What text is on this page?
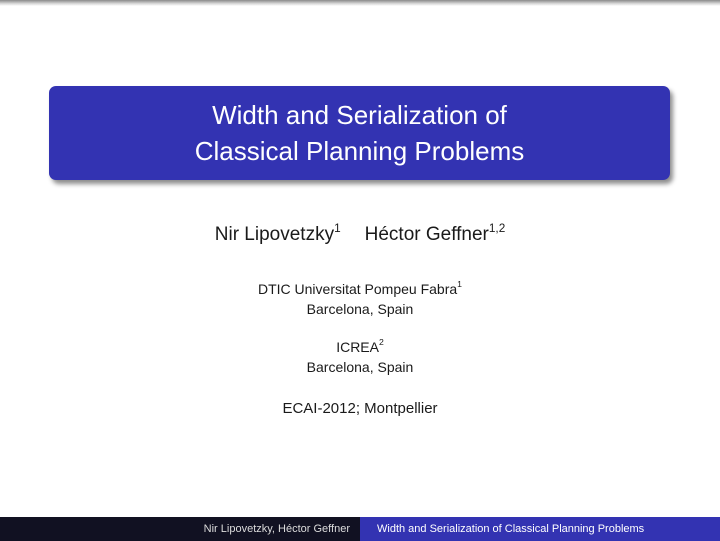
Width and Serialization of
Classical Planning Problems
Nir Lipovetzky$^1$ Héctor Geffner$^{1,2}$
DTIC Universitat Pompeu Fabra$^1$
Barcelona, Spain
ICREA$^2$
Barcelona, Spain
ECAI-2012; Montpellier
Nir Lipovetzky, Héctor Geffner	Width and Serialization of Classical Planning Problems
